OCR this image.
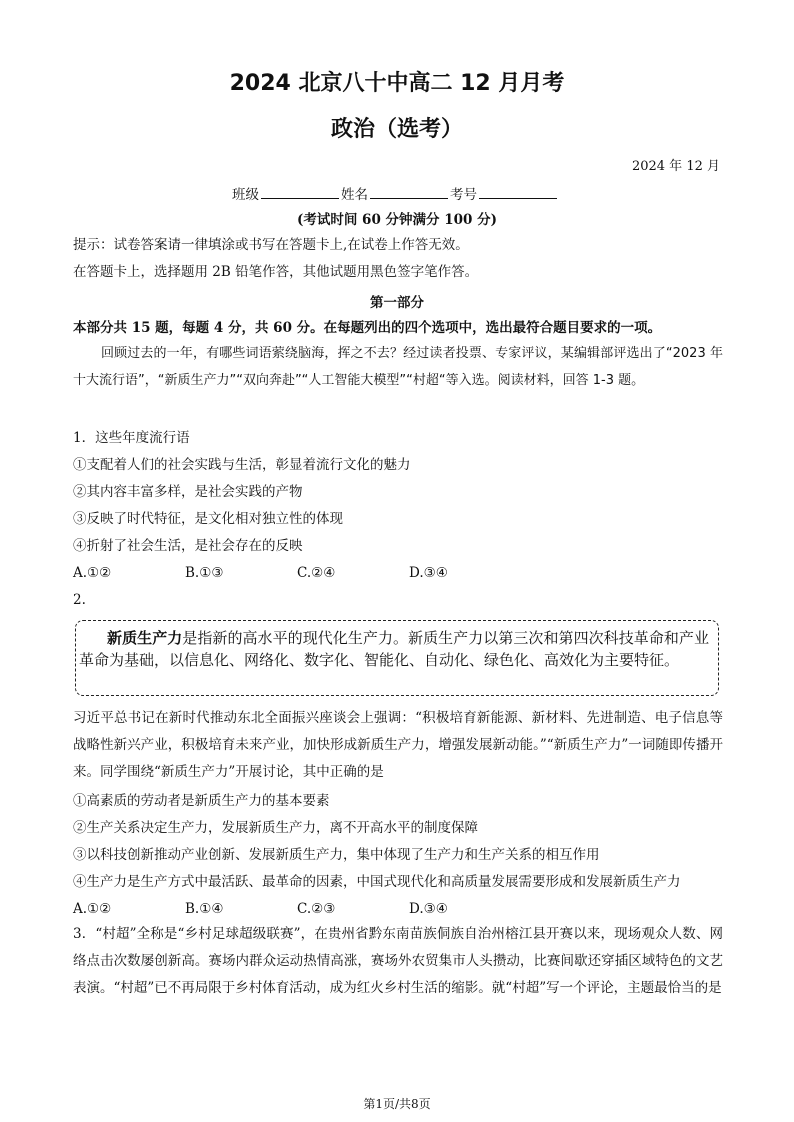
2024 北京八十中高二 12 月月考
政治（选考）
2024 年 12 月
班级	姓名	考号
(考试时间 60 分钟满分 100 分)
提示：试卷答案请一律填涂或书写在答题卡上,在试卷上作答无效。
在答题卡上，选择题用 2B 铅笔作答，其他试题用黑色签字笔作答。
第一部分
本部分共 15 题，每题 4 分，共 60 分。在每题列出的四个选项中，选出最符合题目要求的一项。
回顾过去的一年，有哪些词语萦绕脑海，挥之不去？经过读者投票、专家评议，某编辑部评选出了“2023 年十大流行语”，“新质生产力”“双向奔赴”“人工智能大模型”“村超“等入选。阅读材料，回答 1-3 题。
1．这些年度流行语
①支配着人们的社会实践与生活，彰显着流行文化的魅力
②其内容丰富多样，是社会实践的产物
③反映了时代特征，是文化相对独立性的体现
④折射了社会生活，是社会存在的反映
A.①②	B.①③	C.②④	D.③④
2.
新质生产力是指新的高水平的现代化生产力。新质生产力以第三次和第四次科技革命和产业革命为基础，以信息化、网络化、数字化、智能化、自动化、绿色化、高效化为主要特征。
习近平总书记在新时代推动东北全面振兴座谈会上强调：“积极培育新能源、新材料、先进制造、电子信息等战略性新兴产业，积极培育未来产业，加快形成新质生产力，增强发展新动能。”“新质生产力”一词随即传播开来。同学围绕“新质生产力”开展讨论，其中正确的是
①高素质的劳动者是新质生产力的基本要素
②生产关系决定生产力，发展新质生产力，离不开高水平的制度保障
③以科技创新推动产业创新、发展新质生产力，集中体现了生产力和生产关系的相互作用
④生产力是生产方式中最活跃、最革命的因素，中国式现代化和高质量发展需要形成和发展新质生产力
A.①②	B.①④	C.②③	D.③④
3．“村超”全称是“乡村足球超级联赛”，在贵州省黔东南苗族侗族自治州榕江县开赛以来，现场观众人数、网络点击次数屡创新高。赛场内群众运动热情高涨，赛场外农贸集市人头攒动，比赛间歇还穿插区域特色的文艺表演。“村超”已不再局限于乡村体育活动，成为红火乡村生活的缩影。就“村超”写一个评论，主题最恰当的是
第1页/共8页
